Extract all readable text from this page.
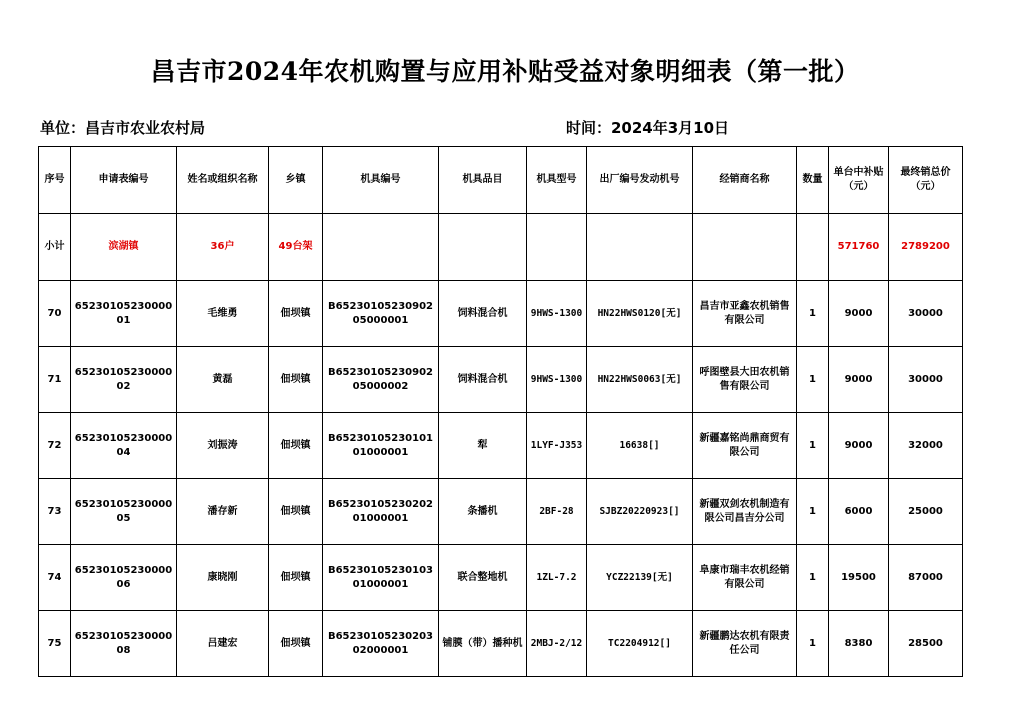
昌吉市2024年农机购置与应用补贴受益对象明细表（第一批）
单位：昌吉市农业农村局	时间：2024年3月10日
序号	申请表编号	姓名或组织名称	乡镇	机具编号	机具品目	机具型号	出厂编号发动机号	经销商名称	数量	单台中补贴（元）	最终销总价（元）
小计	滨湖镇	36户	49台架							571760	2789200
70	6523010523000001	毛维勇	佃坝镇	B6523010523090205000001	饲料混合机	9HWS-1300	HN22HWS0120[无]	昌吉市亚鑫农机销售有限公司	1	9000	30000
71	6523010523000002	黄磊	佃坝镇	B6523010523090205000002	饲料混合机	9HWS-1300	HN22HWS0063[无]	呼图壁县大田农机销售有限公司	1	9000	30000
72	6523010523000004	刘振涛	佃坝镇	B6523010523010101000001	犁	1LYF-J353	16638[]	新疆嘉铭尚鼎商贸有限公司	1	9000	32000
73	6523010523000005	潘存新	佃坝镇	B6523010523020201000001	条播机	2BF-28	SJBZ20220923[]	新疆双剑农机制造有限公司昌吉分公司	1	6000	25000
74	6523010523000006	康晓刚	佃坝镇	B6523010523010301000001	联合整地机	1ZL-7.2	YCZ22139[无]	阜康市瑞丰农机经销有限公司	1	19500	87000
75	6523010523000008	吕建宏	佃坝镇	B6523010523020302000001	铺膜（带）播种机	2MBJ-2/12	TC2204912[]	新疆鹏达农机有限责任公司	1	8380	28500
